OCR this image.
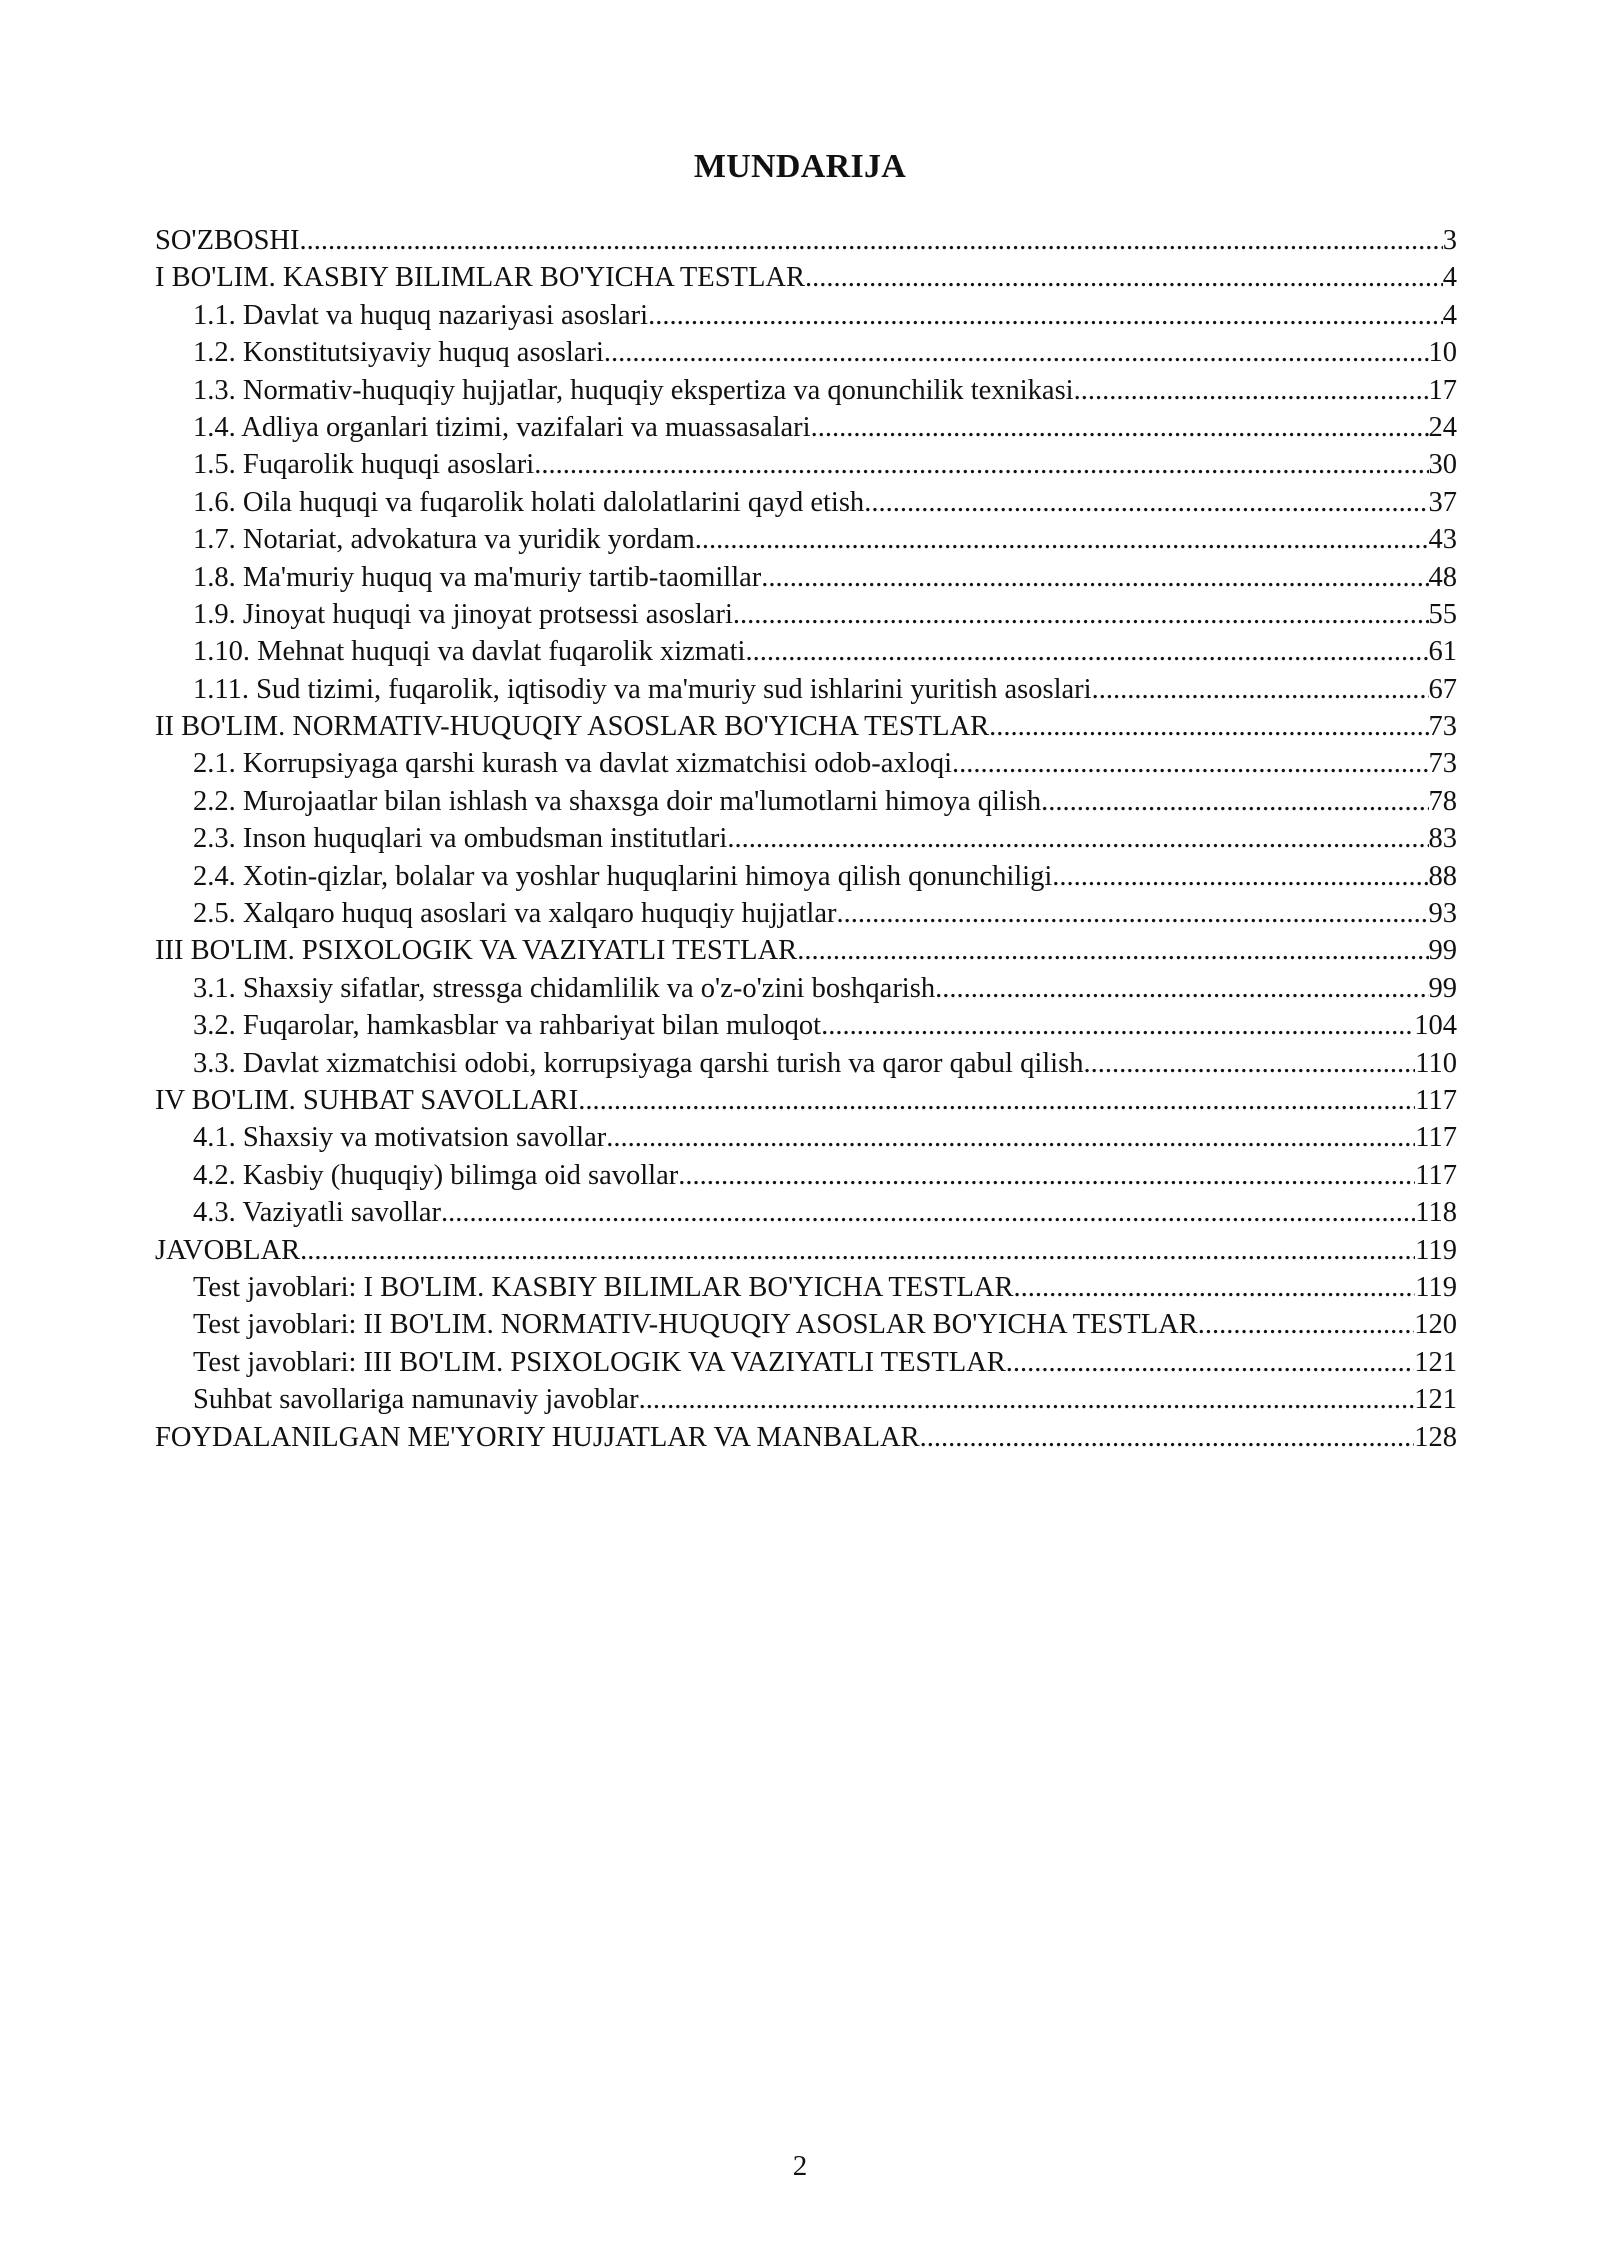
MUNDARIJA
SO'ZBOSHI .....	3
I BO'LIM. KASBIY BILIMLAR BO'YICHA TESTLAR .....	4
1.1. Davlat va huquq nazariyasi asoslari .....	4
1.2. Konstitutsiyaviy huquq asoslari .....	10
1.3. Normativ-huquqiy hujjatlar, huquqiy ekspertiza va qonunchilik texnikasi .....	17
1.4. Adliya organlari tizimi, vazifalari va muassasalari .....	24
1.5. Fuqarolik huquqi asoslari .....	30
1.6. Oila huquqi va fuqarolik holati dalolatlarini qayd etish .....	37
1.7. Notariat, advokatura va yuridik yordam .....	43
1.8. Ma'muriy huquq va ma'muriy tartib-taomillar .....	48
1.9. Jinoyat huquqi va jinoyat protsessi asoslari .....	55
1.10. Mehnat huquqi va davlat fuqarolik xizmati .....	61
1.11. Sud tizimi, fuqarolik, iqtisodiy va ma'muriy sud ishlarini yuritish asoslari .....	67
II BO'LIM. NORMATIV-HUQUQIY ASOSLAR BO'YICHA TESTLAR .....	73
2.1. Korrupsiyaga qarshi kurash va davlat xizmatchisi odob-axloqi .....	73
2.2. Murojaatlar bilan ishlash va shaxsga doir ma'lumotlarni himoya qilish .....	78
2.3. Inson huquqlari va ombudsman institutlari .....	83
2.4. Xotin-qizlar, bolalar va yoshlar huquqlarini himoya qilish qonunchiligi .....	88
2.5. Xalqaro huquq asoslari va xalqaro huquqiy hujjatlar .....	93
III BO'LIM. PSIXOLOGIK VA VAZIYATLI TESTLAR .....	99
3.1. Shaxsiy sifatlar, stressga chidamlilik va o'z-o'zini boshqarish .....	99
3.2. Fuqarolar, hamkasblar va rahbariyat bilan muloqot .....	104
3.3. Davlat xizmatchisi odobi, korrupsiyaga qarshi turish va qaror qabul qilish .....	110
IV BO'LIM. SUHBAT SAVOLLARI .....	117
4.1. Shaxsiy va motivatsion savollar .....	117
4.2. Kasbiy (huquqiy) bilimga oid savollar .....	117
4.3. Vaziyatli savollar .....	118
JAVOBLAR .....	119
Test javoblari: I BO'LIM. KASBIY BILIMLAR BO'YICHA TESTLAR .....	119
Test javoblari: II BO'LIM. NORMATIV-HUQUQIY ASOSLAR BO'YICHA TESTLAR .....	120
Test javoblari: III BO'LIM. PSIXOLOGIK VA VAZIYATLI TESTLAR .....	121
Suhbat savollariga namunaviy javoblar .....	121
FOYDALANILGAN ME'YORIY HUJJATLAR VA MANBALAR .....	128
2
